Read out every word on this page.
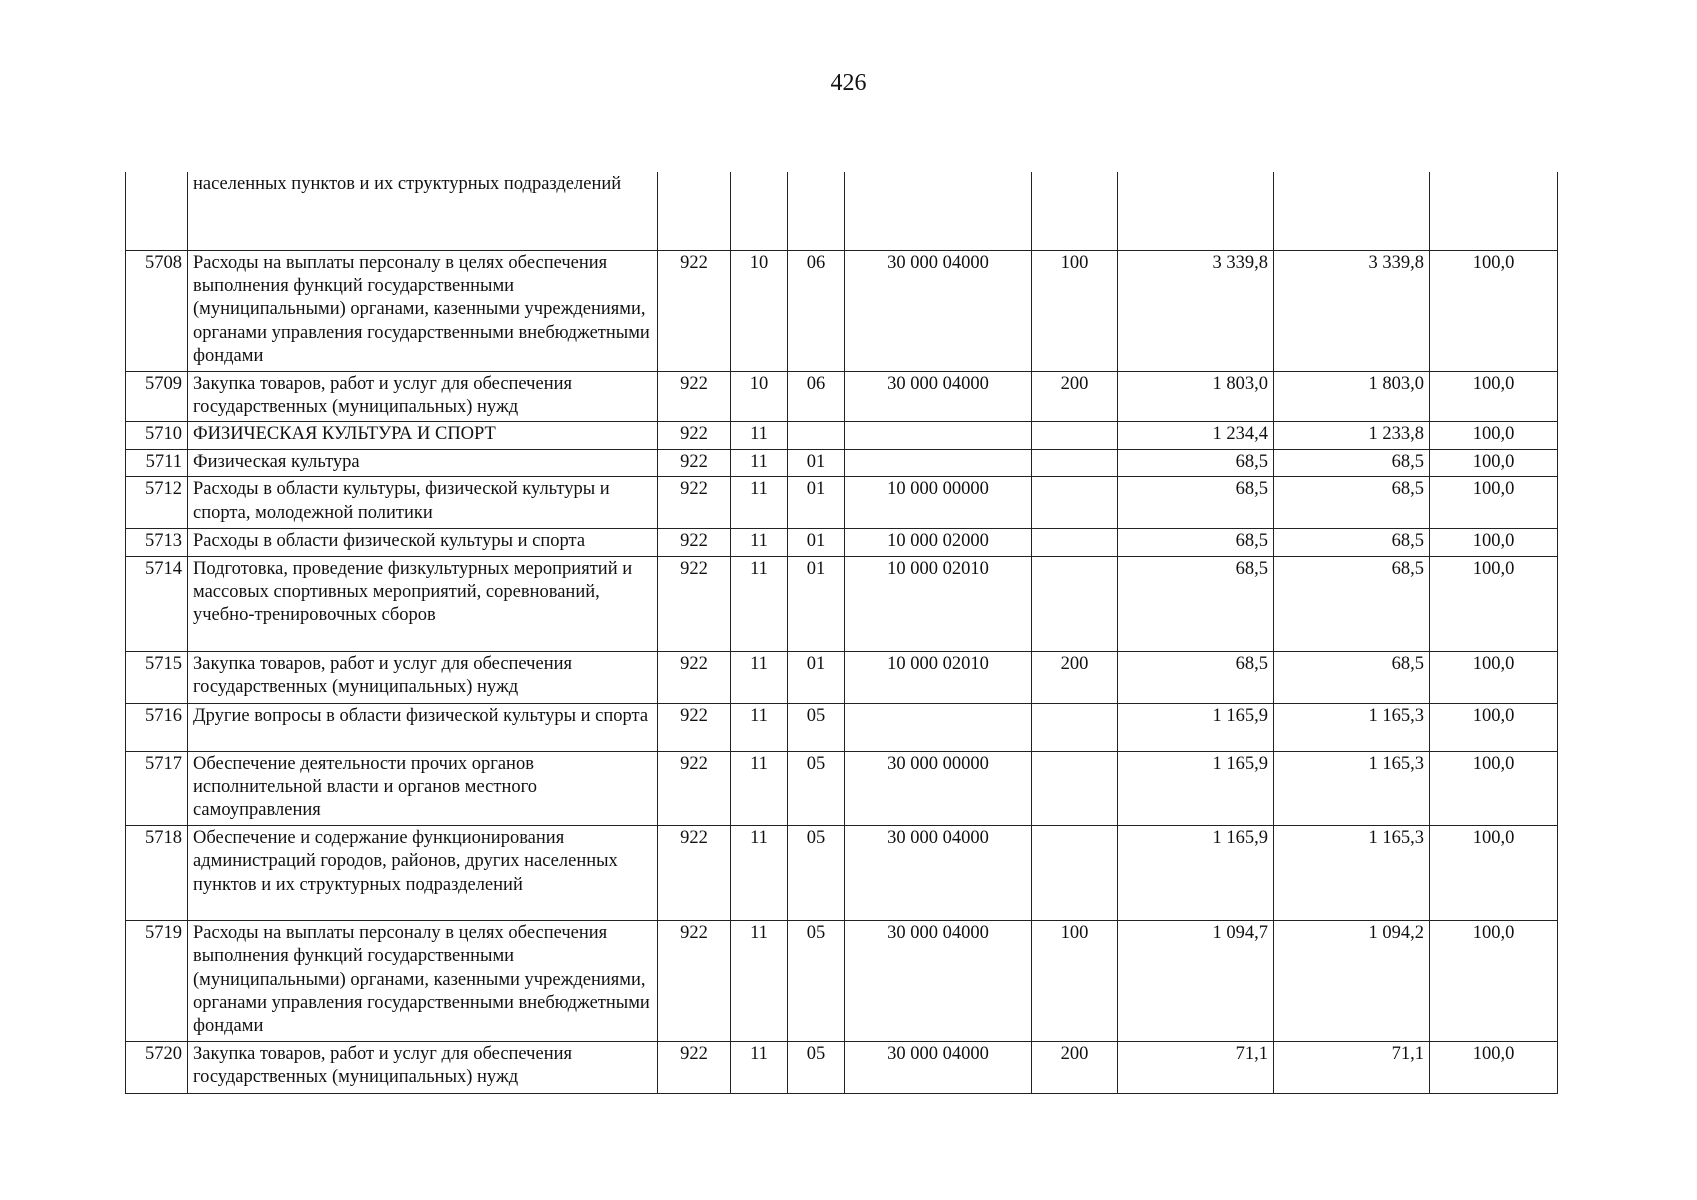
426
	населенных пунктов и их структурных подразделений								
5708	Расходы на выплаты персоналу в целях обеспечения выполнения функций государственными (муниципальными) органами, казенными учреждениями, органами управления государственными внебюджетными фондами	922	10	06	30 000 04000	100	3 339,8	3 339,8	100,0
5709	Закупка товаров, работ и услуг для обеспечения государственных (муниципальных) нужд	922	10	06	30 000 04000	200	1 803,0	1 803,0	100,0
5710	ФИЗИЧЕСКАЯ КУЛЬТУРА И СПОРТ	922	11				1 234,4	1 233,8	100,0
5711	Физическая культура	922	11	01			68,5	68,5	100,0
5712	Расходы в области культуры, физической культуры и спорта, молодежной политики	922	11	01	10 000 00000		68,5	68,5	100,0
5713	Расходы в области физической культуры и спорта	922	11	01	10 000 02000		68,5	68,5	100,0
5714	Подготовка, проведение физкультурных мероприятий и массовых спортивных мероприятий, соревнований, учебно-тренировочных сборов	922	11	01	10 000 02010		68,5	68,5	100,0
5715	Закупка товаров, работ и услуг для обеспечения государственных (муниципальных) нужд	922	11	01	10 000 02010	200	68,5	68,5	100,0
5716	Другие вопросы в области физической культуры и спорта	922	11	05			1 165,9	1 165,3	100,0
5717	Обеспечение деятельности прочих органов исполнительной власти и органов местного самоуправления	922	11	05	30 000 00000		1 165,9	1 165,3	100,0
5718	Обеспечение и содержание функционирования администраций городов, районов, других населенных пунктов и их структурных подразделений	922	11	05	30 000 04000		1 165,9	1 165,3	100,0
5719	Расходы на выплаты персоналу в целях обеспечения выполнения функций государственными (муниципальными) органами, казенными учреждениями, органами управления государственными внебюджетными фондами	922	11	05	30 000 04000	100	1 094,7	1 094,2	100,0
5720	Закупка товаров, работ и услуг для обеспечения государственных (муниципальных) нужд	922	11	05	30 000 04000	200	71,1	71,1	100,0
